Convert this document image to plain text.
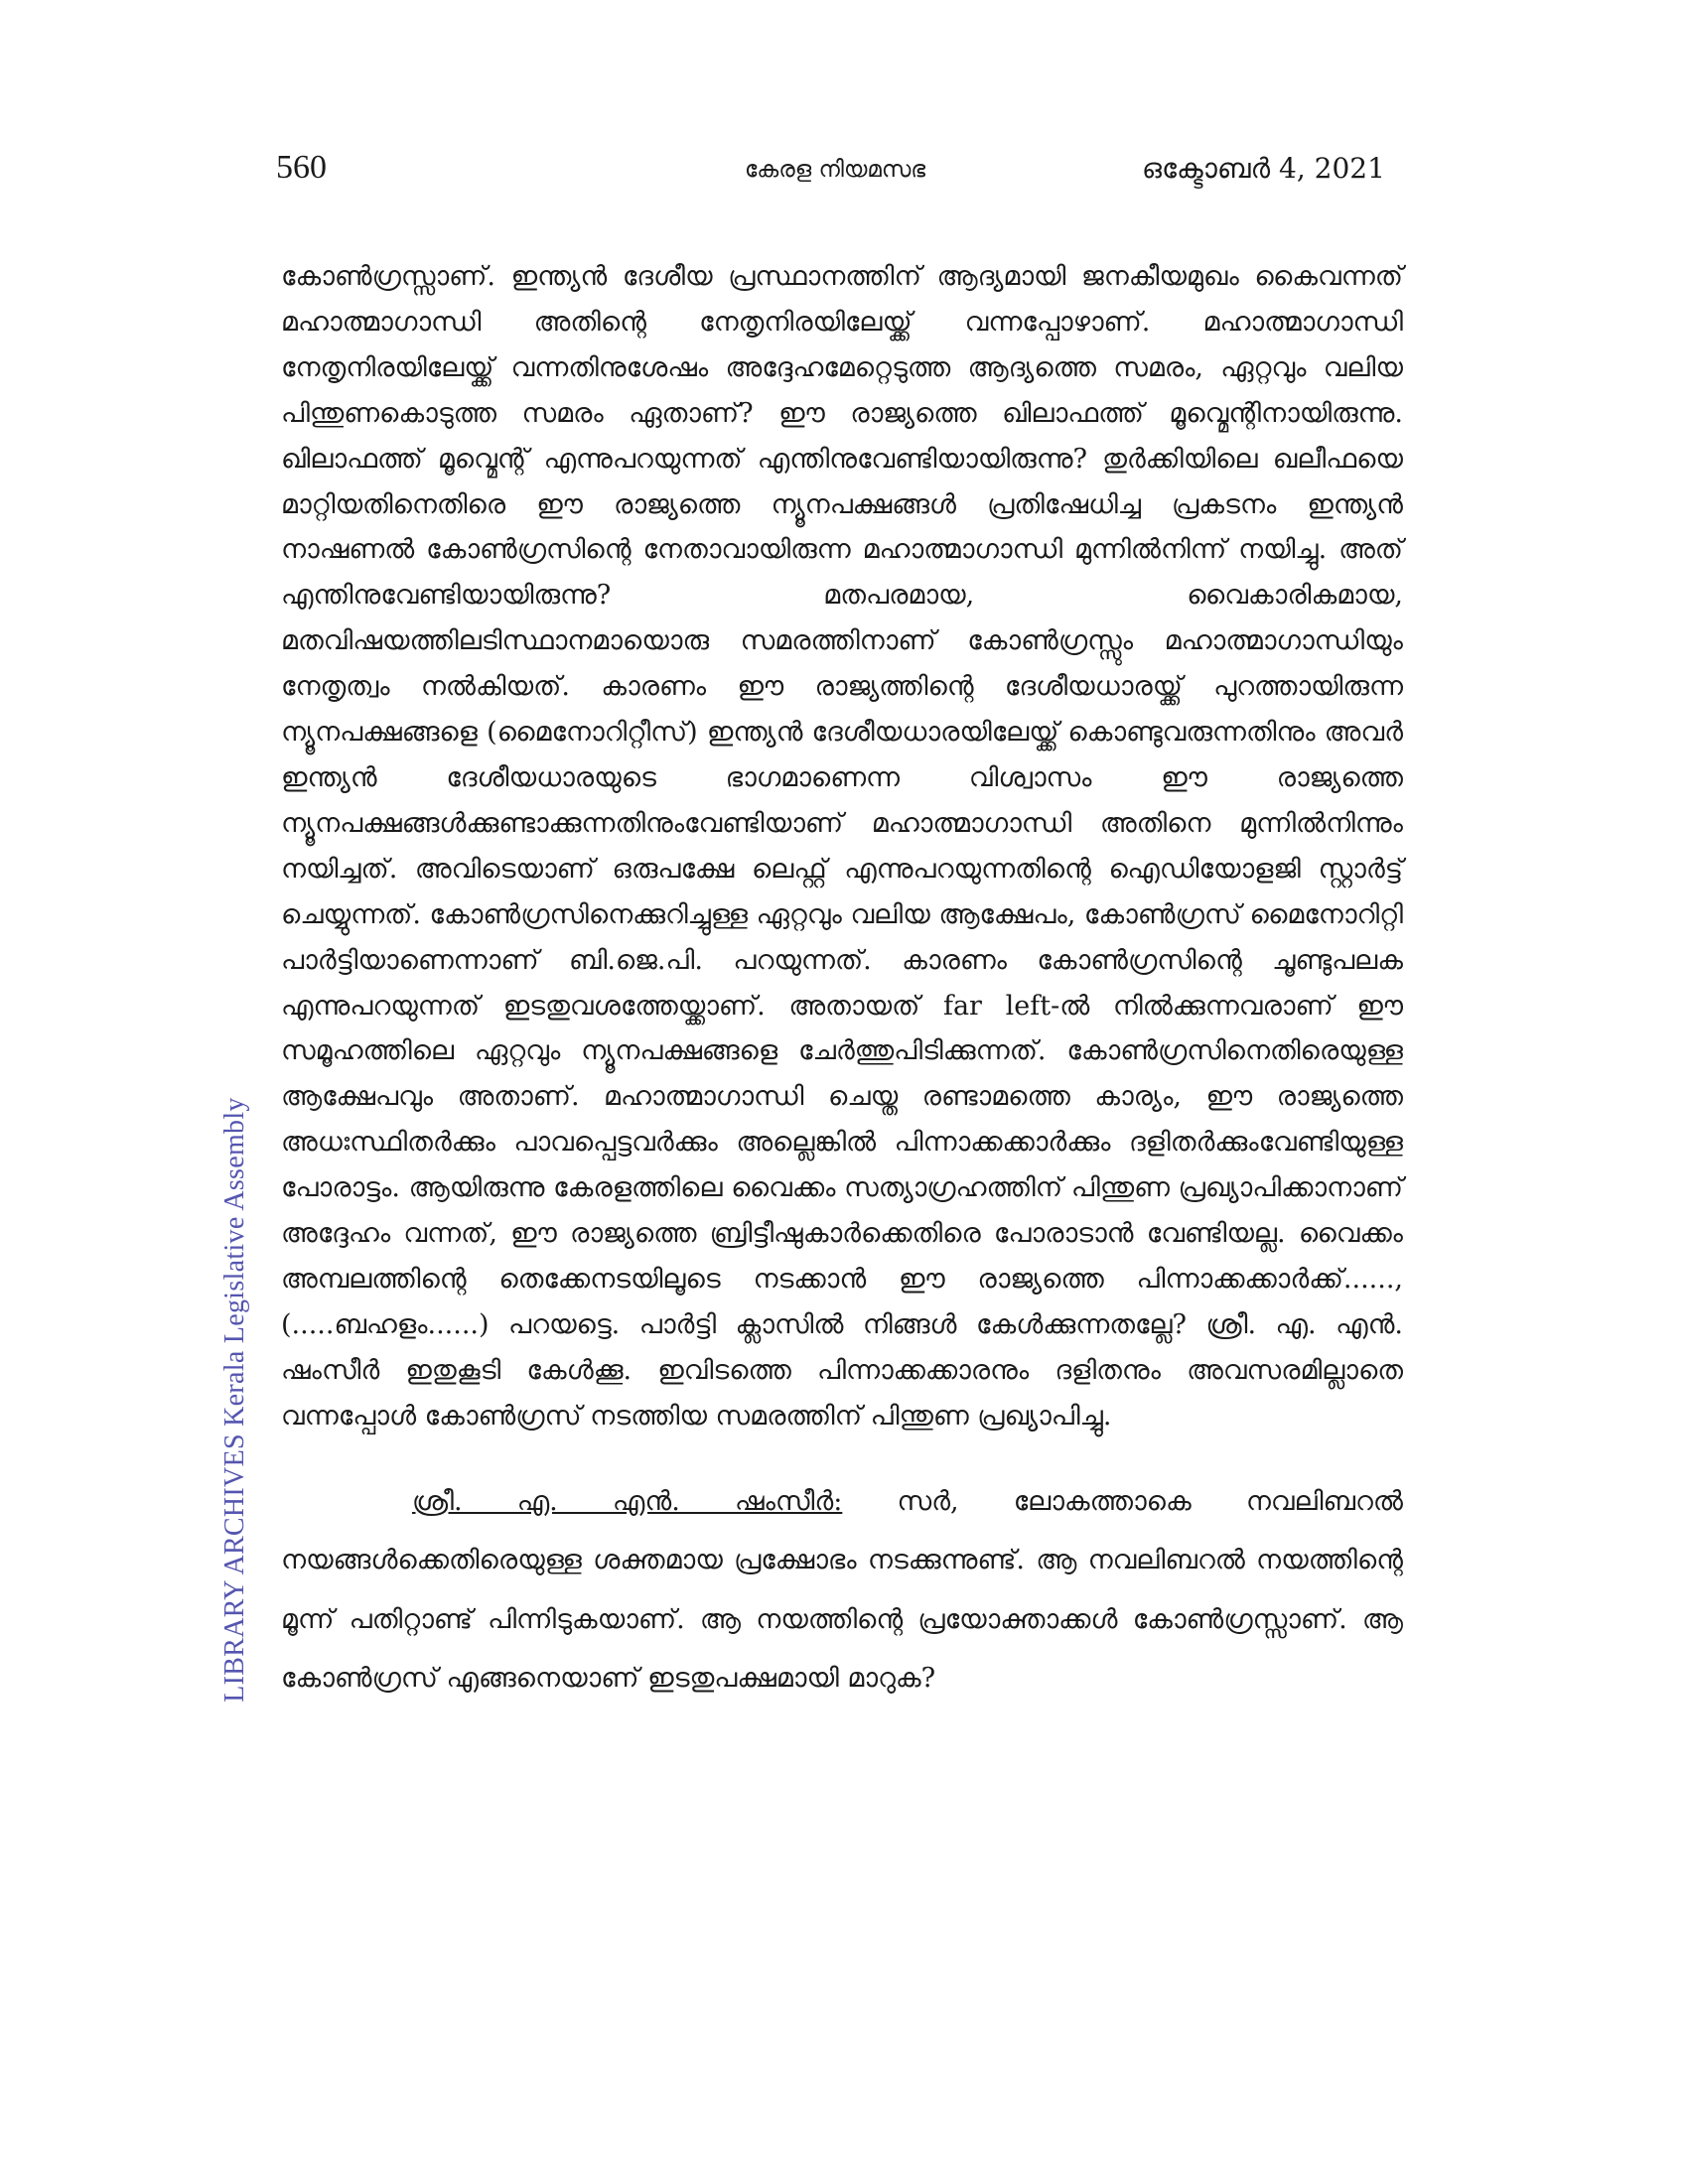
560	കേരള നിയമസഭ	ഒക്ടോബർ 4, 2021
LIBRARY ARCHIVES Kerala Legislative Assembly

കോൺഗ്രസ്സാണ്. ഇന്ത്യൻ ദേശീയ പ്രസ്ഥാനത്തിന് ആദ്യമായി ജനകീയമുഖം കൈവന്നത് മഹാത്മാഗാന്ധി അതിന്റെ നേതൃനിരയിലേയ്ക്ക് വന്നപ്പോഴാണ്. മഹാത്മാഗാന്ധി നേതൃനിരയിലേയ്ക്ക് വന്നതിനുശേഷം അദ്ദേഹമേറ്റെടുത്ത ആദ്യത്തെ സമരം, ഏറ്റവും വലിയ പിന്തുണകൊടുത്ത സമരം ഏതാണ്? ഈ രാജ്യത്തെ ഖിലാഫത്ത് മൂവ്മെന്റിനായിരുന്നു. ഖിലാഫത്ത് മൂവ്മെന്റ് എന്നുപറയുന്നത് എന്തിനുവേണ്ടിയായിരുന്നു? തുർക്കിയിലെ ഖലീഫയെ മാറ്റിയതിനെതിരെ ഈ രാജ്യത്തെ ന്യൂനപക്ഷങ്ങൾ പ്രതിഷേധിച്ച പ്രകടനം ഇന്ത്യൻ നാഷണൽ കോൺഗ്രസിന്റെ നേതാവായിരുന്ന മഹാത്മാഗാന്ധി മുന്നിൽനിന്ന് നയിച്ചു. അത് എന്തിനുവേണ്ടിയായിരുന്നു? മതപരമായ, വൈകാരികമായ, മതവിഷയത്തിലടിസ്ഥാനമായൊരു സമരത്തിനാണ് കോൺഗ്രസ്സും മഹാത്മാഗാന്ധിയും നേതൃത്വം നൽകിയത്. കാരണം ഈ രാജ്യത്തിന്റെ ദേശീയധാരയ്ക്ക് പുറത്തായിരുന്ന ന്യൂനപക്ഷങ്ങളെ (മൈനോറിറ്റീസ്) ഇന്ത്യൻ ദേശീയധാരയിലേയ്ക്ക് കൊണ്ടുവരുന്നതിനും അവർ ഇന്ത്യൻ ദേശീയധാരയുടെ ഭാഗമാണെന്ന വിശ്വാസം ഈ രാജ്യത്തെ ന്യൂനപക്ഷങ്ങൾക്കുണ്ടാക്കുന്നതിനുംവേണ്ടിയാണ് മഹാത്മാഗാന്ധി അതിനെ മുന്നിൽനിന്നും നയിച്ചത്. അവിടെയാണ് ഒരുപക്ഷേ ലെഫ്റ്റ് എന്നുപറയുന്നതിന്റെ ഐഡിയോളജി സ്റ്റാർട്ട് ചെയ്യുന്നത്. കോൺഗ്രസിനെക്കുറിച്ചുള്ള ഏറ്റവും വലിയ ആക്ഷേപം, കോൺഗ്രസ് മൈനോറിറ്റി പാർട്ടിയാണെന്നാണ് ബി.ജെ.പി. പറയുന്നത്. കാരണം കോൺഗ്രസിന്റെ ചൂണ്ടുപലക എന്നുപറയുന്നത് ഇടതുവശത്തേയ്ക്കാണ്. അതായത് far left-ൽ നിൽക്കുന്നവരാണ് ഈ സമൂഹത്തിലെ ഏറ്റവും ന്യൂനപക്ഷങ്ങളെ ചേർത്തുപിടിക്കുന്നത്. കോൺഗ്രസിനെതിരെയുള്ള ആക്ഷേപവും അതാണ്. മഹാത്മാഗാന്ധി ചെയ്ത രണ്ടാമത്തെ കാര്യം, ഈ രാജ്യത്തെ അധഃസ്ഥിതർക്കും പാവപ്പെട്ടവർക്കും അല്ലെങ്കിൽ പിന്നാക്കക്കാർക്കും ദളിതർക്കുംവേണ്ടിയുള്ള പോരാട്ടം. ആയിരുന്നു കേരളത്തിലെ വൈക്കം സത്യാഗ്രഹത്തിന് പിന്തുണ പ്രഖ്യാപിക്കാനാണ് അദ്ദേഹം വന്നത്, ഈ രാജ്യത്തെ ബ്രിട്ടീഷുകാർക്കെതിരെ പോരാടാൻ വേണ്ടിയല്ല. വൈക്കം അമ്പലത്തിന്റെ തെക്കേനടയിലൂടെ നടക്കാൻ ഈ രാജ്യത്തെ പിന്നാക്കക്കാർക്ക്......, (.....ബഹളം......) പറയട്ടെ. പാർട്ടി ക്ലാസിൽ നിങ്ങൾ കേൾക്കുന്നതല്ലേ? ശ്രീ. എ. എൻ. ഷംസീർ ഇതുകൂടി കേൾക്കൂ. ഇവിടത്തെ പിന്നാക്കക്കാരനും ദളിതനും അവസരമില്ലാതെ വന്നപ്പോൾ കോൺഗ്രസ് നടത്തിയ സമരത്തിന് പിന്തുണ പ്രഖ്യാപിച്ചു.

ശ്രീ. എ. എൻ. ഷംസീർ: സർ, ലോകത്താകെ നവലിബറൽ നയങ്ങൾക്കെതിരെയുള്ള ശക്തമായ പ്രക്ഷോഭം നടക്കുന്നുണ്ട്. ആ നവലിബറൽ നയത്തിന്റെ മൂന്ന് പതിറ്റാണ്ട് പിന്നിടുകയാണ്. ആ നയത്തിന്റെ പ്രയോക്താക്കൾ കോൺഗ്രസ്സാണ്. ആ കോൺഗ്രസ് എങ്ങനെയാണ് ഇടതുപക്ഷമായി മാറുക?
